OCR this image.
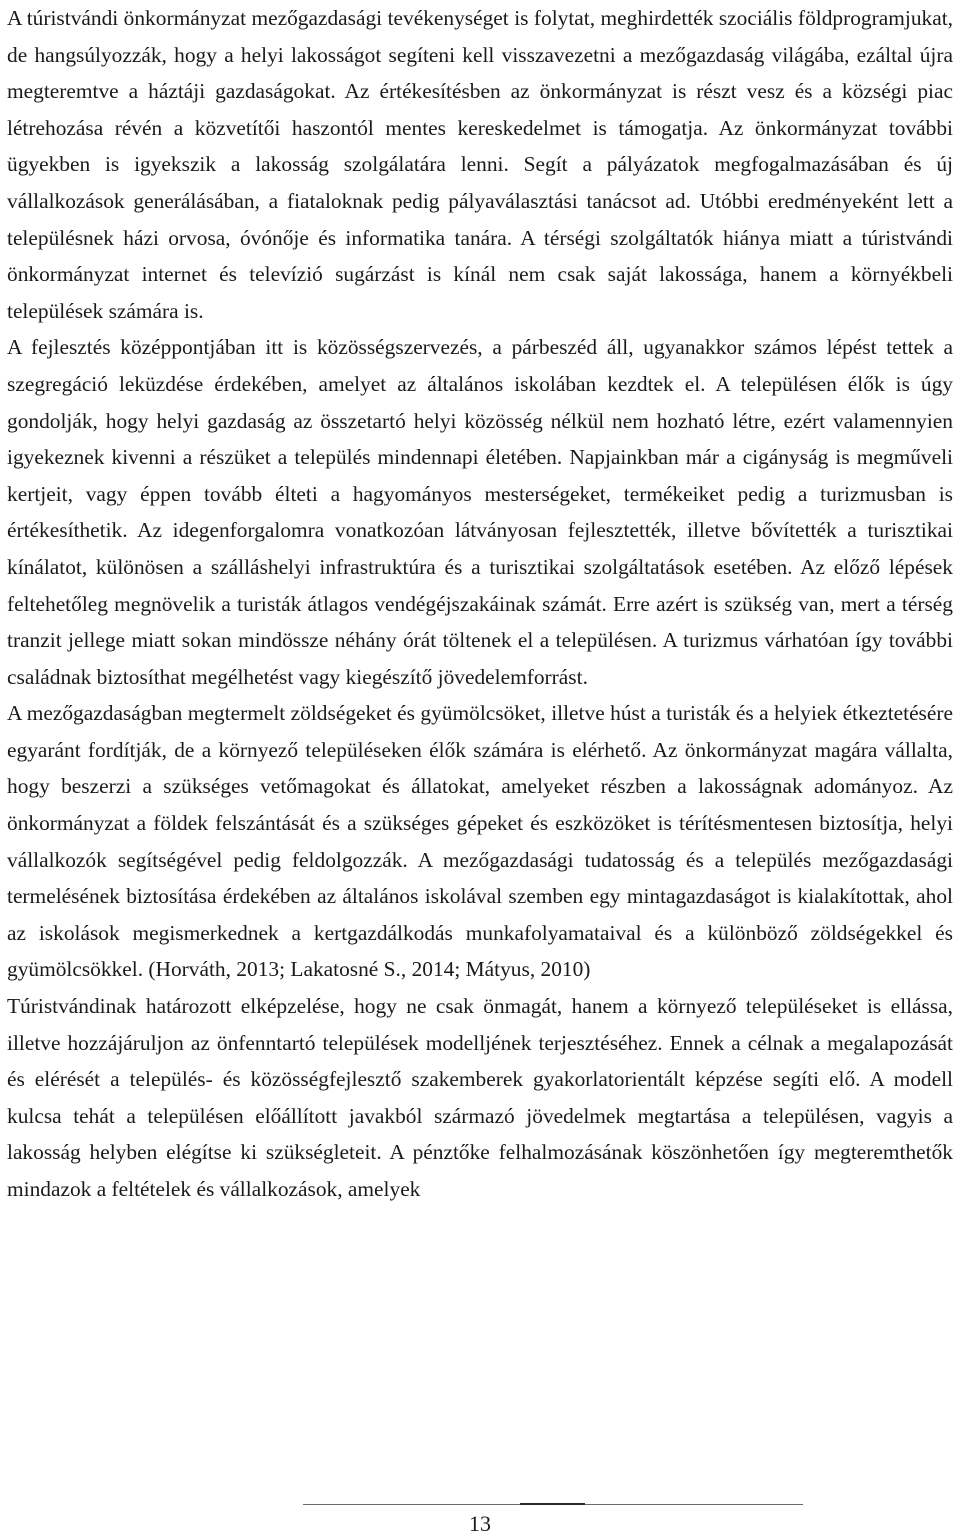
A túristvándi önkormányzat mezőgazdasági tevékenységet is folytat, meghirdették szociális földprogramjukat, de hangsúlyozzák, hogy a helyi lakosságot segíteni kell visszavezetni a mezőgazdaság világába, ezáltal újra megteremtve a háztáji gazdaságokat. Az értékesítésben az önkormányzat is részt vesz és a községi piac létrehozása révén a közvetítői haszontól mentes kereskedelmet is támogatja. Az önkormányzat további ügyekben is igyekszik a lakosság szolgálatára lenni. Segít a pályázatok megfogalmazásában és új vállalkozások generálásában, a fiataloknak pedig pályaválasztási tanácsot ad. Utóbbi eredményeként lett a településnek házi orvosa, óvónője és informatika tanára. A térségi szolgáltatók hiánya miatt a túristvándi önkormányzat internet és televízió sugárzást is kínál nem csak saját lakossága, hanem a környékbeli települések számára is.

A fejlesztés középpontjában itt is közösségszervezés, a párbeszéd áll, ugyanakkor számos lépést tettek a szegregáció leküzdése érdekében, amelyet az általános iskolában kezdtek el. A településen élők is úgy gondolják, hogy helyi gazdaság az összetartó helyi közösség nélkül nem hozható létre, ezért valamennyien igyekeznek kivenni a részüket a település mindennapi életében. Napjainkban már a cigányság is megműveli kertjeit, vagy éppen tovább élteti a hagyományos mesterségeket, termékeiket pedig a turizmusban is értékesíthetik. Az idegenforgalomra vonatkozóan látványosan fejlesztették, illetve bővítették a turisztikai kínálatot, különösen a szálláshelyi infrastruktúra és a turisztikai szolgáltatások esetében. Az előző lépések feltehetőleg megnövelik a turisták átlagos vendégéjszakáinak számát. Erre azért is szükség van, mert a térség tranzit jellege miatt sokan mindössze néhány órát töltenek el a településen. A turizmus várhatóan így további családnak biztosíthat megélhetést vagy kiegészítő jövedelemforrást.

A mezőgazdaságban megtermelt zöldségeket és gyümölcsöket, illetve húst a turisták és a helyiek étkeztetésére egyaránt fordítják, de a környező településeken élők számára is elérhető. Az önkormányzat magára vállalta, hogy beszerzi a szükséges vetőmagokat és állatokat, amelyeket részben a lakosságnak adományoz. Az önkormányzat a földek felszántását és a szükséges gépeket és eszközöket is térítésmentesen biztosítja, helyi vállalkozók segítségével pedig feldolgozzák. A mezőgazdasági tudatosság és a település mezőgazdasági termelésének biztosítása érdekében az általános iskolával szemben egy mintagazdaságot is kialakítottak, ahol az iskolások megismerkednek a kertgazdálkodás munkafolyamataival és a különböző zöldségekkel és gyümölcsökkel. (Horváth, 2013; Lakatosné S., 2014; Mátyus, 2010)

Túristvándinak határozott elképzelése, hogy ne csak önmagát, hanem a környező településeket is ellássa, illetve hozzájáruljon az önfenntartó települések modelljének terjesztéséhez. Ennek a célnak a megalapozását és elérését a település- és közösségfejlesztő szakemberek gyakorlatorientált képzése segíti elő. A modell kulcsa tehát a településen előállított javakból származó jövedelmek megtartása a településen, vagyis a lakosság helyben elégítse ki szükségleteit. A pénztőke felhalmozásának köszönhetően így megteremthetők mindazok a feltételek és vállalkozások, amelyek

13
